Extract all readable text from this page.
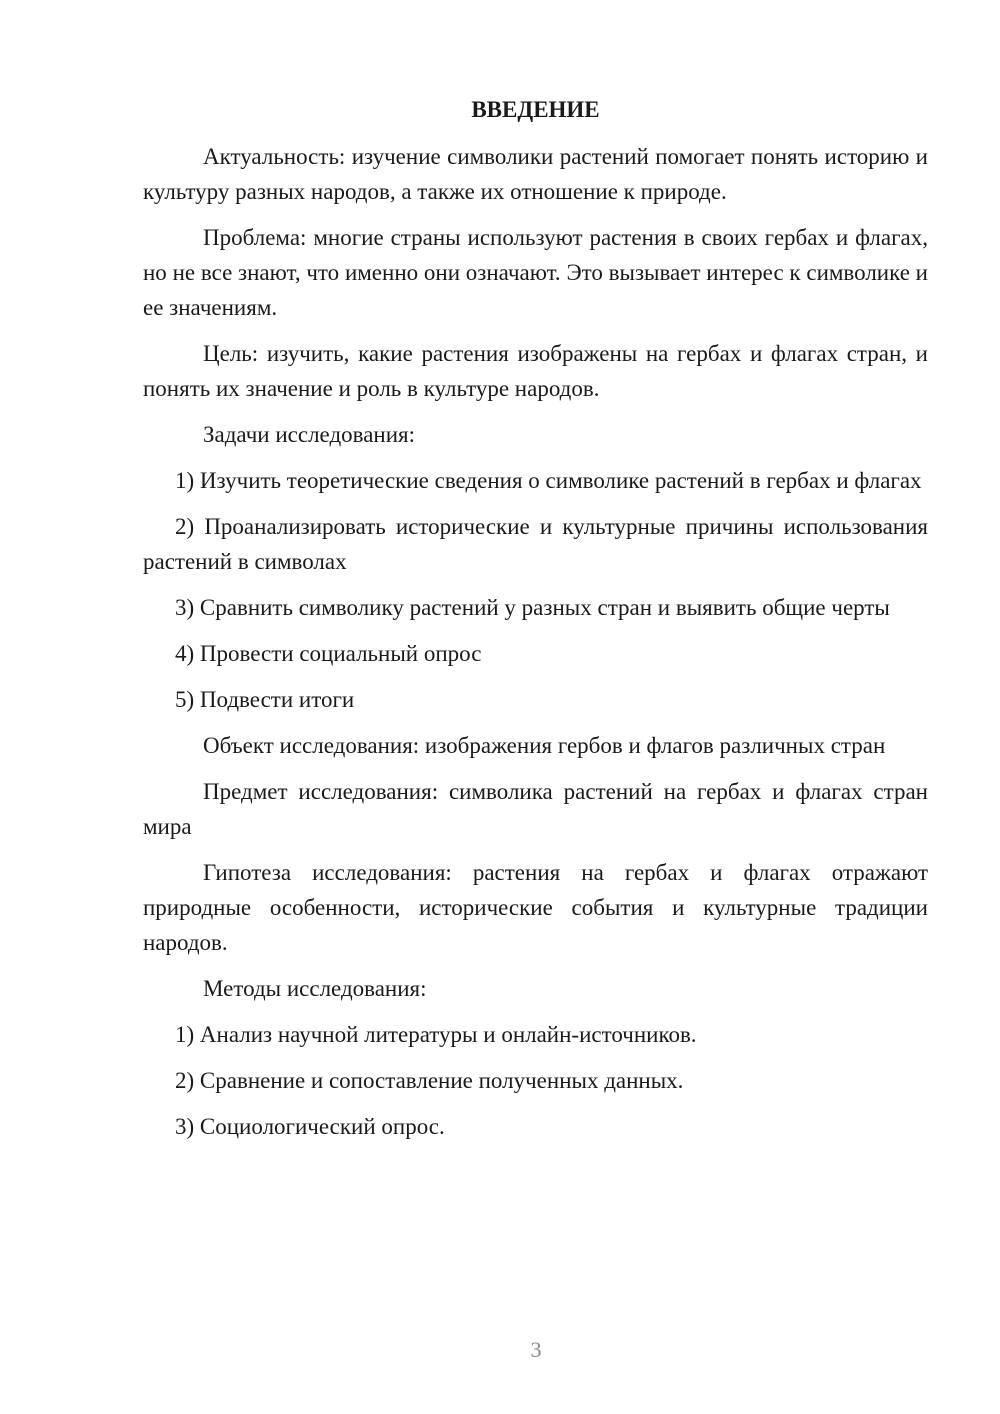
ВВЕДЕНИЕ

Актуальность: изучение символики растений помогает понять историю и культуру разных народов, а также их отношение к природе.

Проблема: многие страны используют растения в своих гербах и флагах, но не все знают, что именно они означают. Это вызывает интерес к символике и ее значениям.

Цель: изучить, какие растения изображены на гербах и флагах стран, и понять их значение и роль в культуре народов.

Задачи исследования:

1) Изучить теоретические сведения о символике растений в гербах и флагах

2) Проанализировать исторические и культурные причины использования растений в символах

3) Сравнить символику растений у разных стран и выявить общие черты

4) Провести социальный опрос

5) Подвести итоги

Объект исследования: изображения гербов и флагов различных стран

Предмет исследования: символика растений на гербах и флагах стран мира

Гипотеза исследования: растения на гербах и флагах отражают природные особенности, исторические события и культурные традиции народов.

Методы исследования:

1) Анализ научной литературы и онлайн-источников.

2) Сравнение и сопоставление полученных данных.

3) Социологический опрос.

3
